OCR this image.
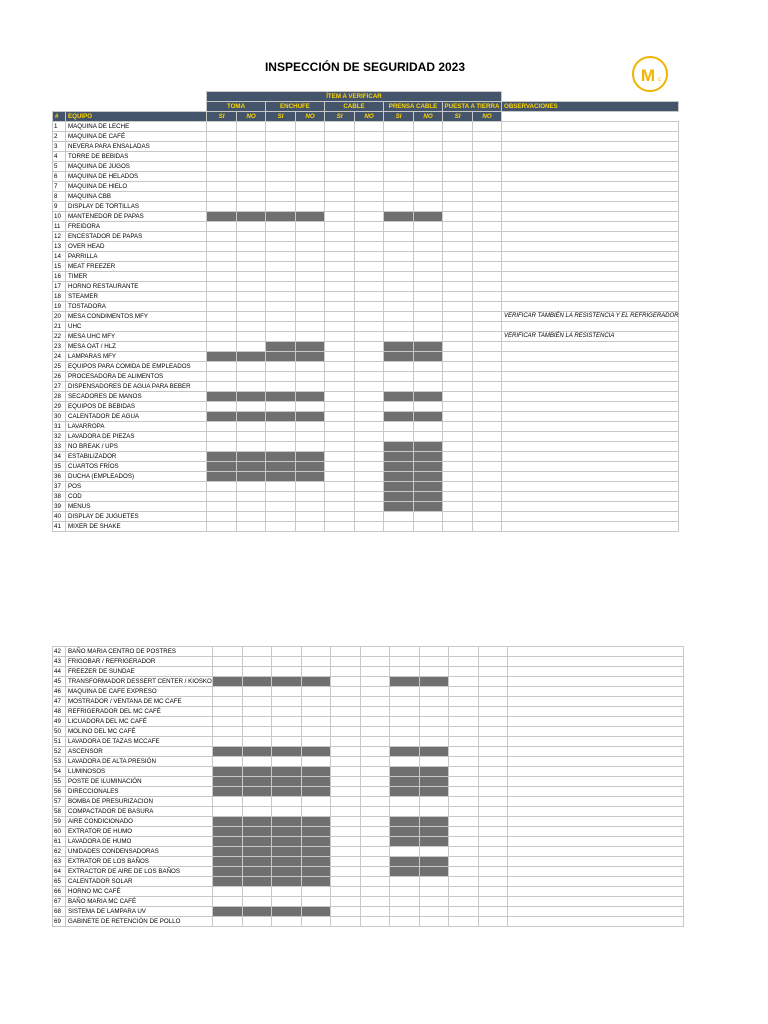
INSPECCIÓN DE SEGURIDAD 2023	M c
		ÍTEM A VERIFICAR										
		TOMA		ENCHUFE		CABLE		PRENSA CABLE		PUESTA A TIERRA		OBSERVACIONES
#	EQUIPO	SI	NO	SI	NO	SI	NO	SI	NO	SI	NO	
1	MAQUINA DE LECHE											
2	MAQUINA DE CAFÉ											
3	NEVERA PARA ENSALADAS											
4	TORRE DE BEBIDAS											
5	MAQUINA DE JUGOS											
6	MAQUINA DE HELADOS											
7	MAQUINA DE HIELO											
8	MAQUINA CBB											
9	DISPLAY DE TORTILLAS											
10	MANTENEDOR DE PAPAS											
11	FREIDORA											
12	ENCESTADOR DE PAPAS											
13	OVER HEAD											
14	PARRILLA											
15	MEAT FREEZER											
16	TIMER											
17	HORNO RESTAURANTE											
18	STEAMER											
19	TOSTADORA											
20	MESA CONDIMENTOS MFY											VERIFICAR TAMBIÉN LA RESISTENCIA Y EL REFRIGERADOR
21	UHC											
22	MESA UHC MFY											VERIFICAR TAMBIÉN LA RESISTENCIA
23	MESA OAT / HLZ											
24	LAMPARAS MFY											
25	EQUIPOS PARA COMIDA DE EMPLEADOS											
26	PROCESADORA DE ALIMENTOS											
27	DISPENSADORES DE AGUA PARA BEBER											
28	SECADORES DE MANOS											
29	EQUIPOS DE BEBIDAS											
30	CALENTADOR DE AGUA											
31	LAVARROPA											
32	LAVADORA DE PIEZAS											
33	NO BREAK / UPS											
34	ESTABILIZADOR											
35	CUARTOS FRÍOS											
36	DUCHA (EMPLEADOS)											
37	POS											
38	COD											
39	MENUS											
40	DISPLAY DE JUGUETES											
41	MIXER DE SHAKE											
42	BAÑO MARIA CENTRO DE POSTRES											
43	FRIGOBAR / REFRIGERADOR											
44	FREEZER DE SUNDAE											
45	TRANSFORMADOR DESSERT CENTER / KIOSKO											
46	MAQUINA DE CAFE EXPRESO											
47	MOSTRADOR / VENTANA DE MC CAFE											
48	REFRIGERADOR DEL MC CAFÉ											
49	LICUADORA DEL MC CAFÉ											
50	MOLINO DEL MC CAFÉ											
51	LAVADORA DE TAZAS MCCAFE											
52	ASCENSOR											
53	LAVADORA DE ALTA PRESIÓN											
54	LUMINOSOS											
55	POSTE DE ILUMINACIÓN											
56	DIRECCIONALES											
57	BOMBA DE PRESURIZACION											
58	COMPACTADOR DE BASURA											
59	AIRE CONDICIONADO											
60	EXTRATOR DE HUMO											
61	LAVADORA DE HUMO											
62	UNIDADES CONDENSADORAS											
63	EXTRATOR DE LOS BAÑOS											
64	EXTRACTOR DE AIRE DE LOS BAÑOS											
65	CALENTADOR SOLAR											
66	HORNO MC CAFÉ											
67	BAÑO MARIA MC CAFÉ											
68	SISTEMA DE LAMPARA UV											
69	GABINETE DE RETENCIÓN DE POLLO											
